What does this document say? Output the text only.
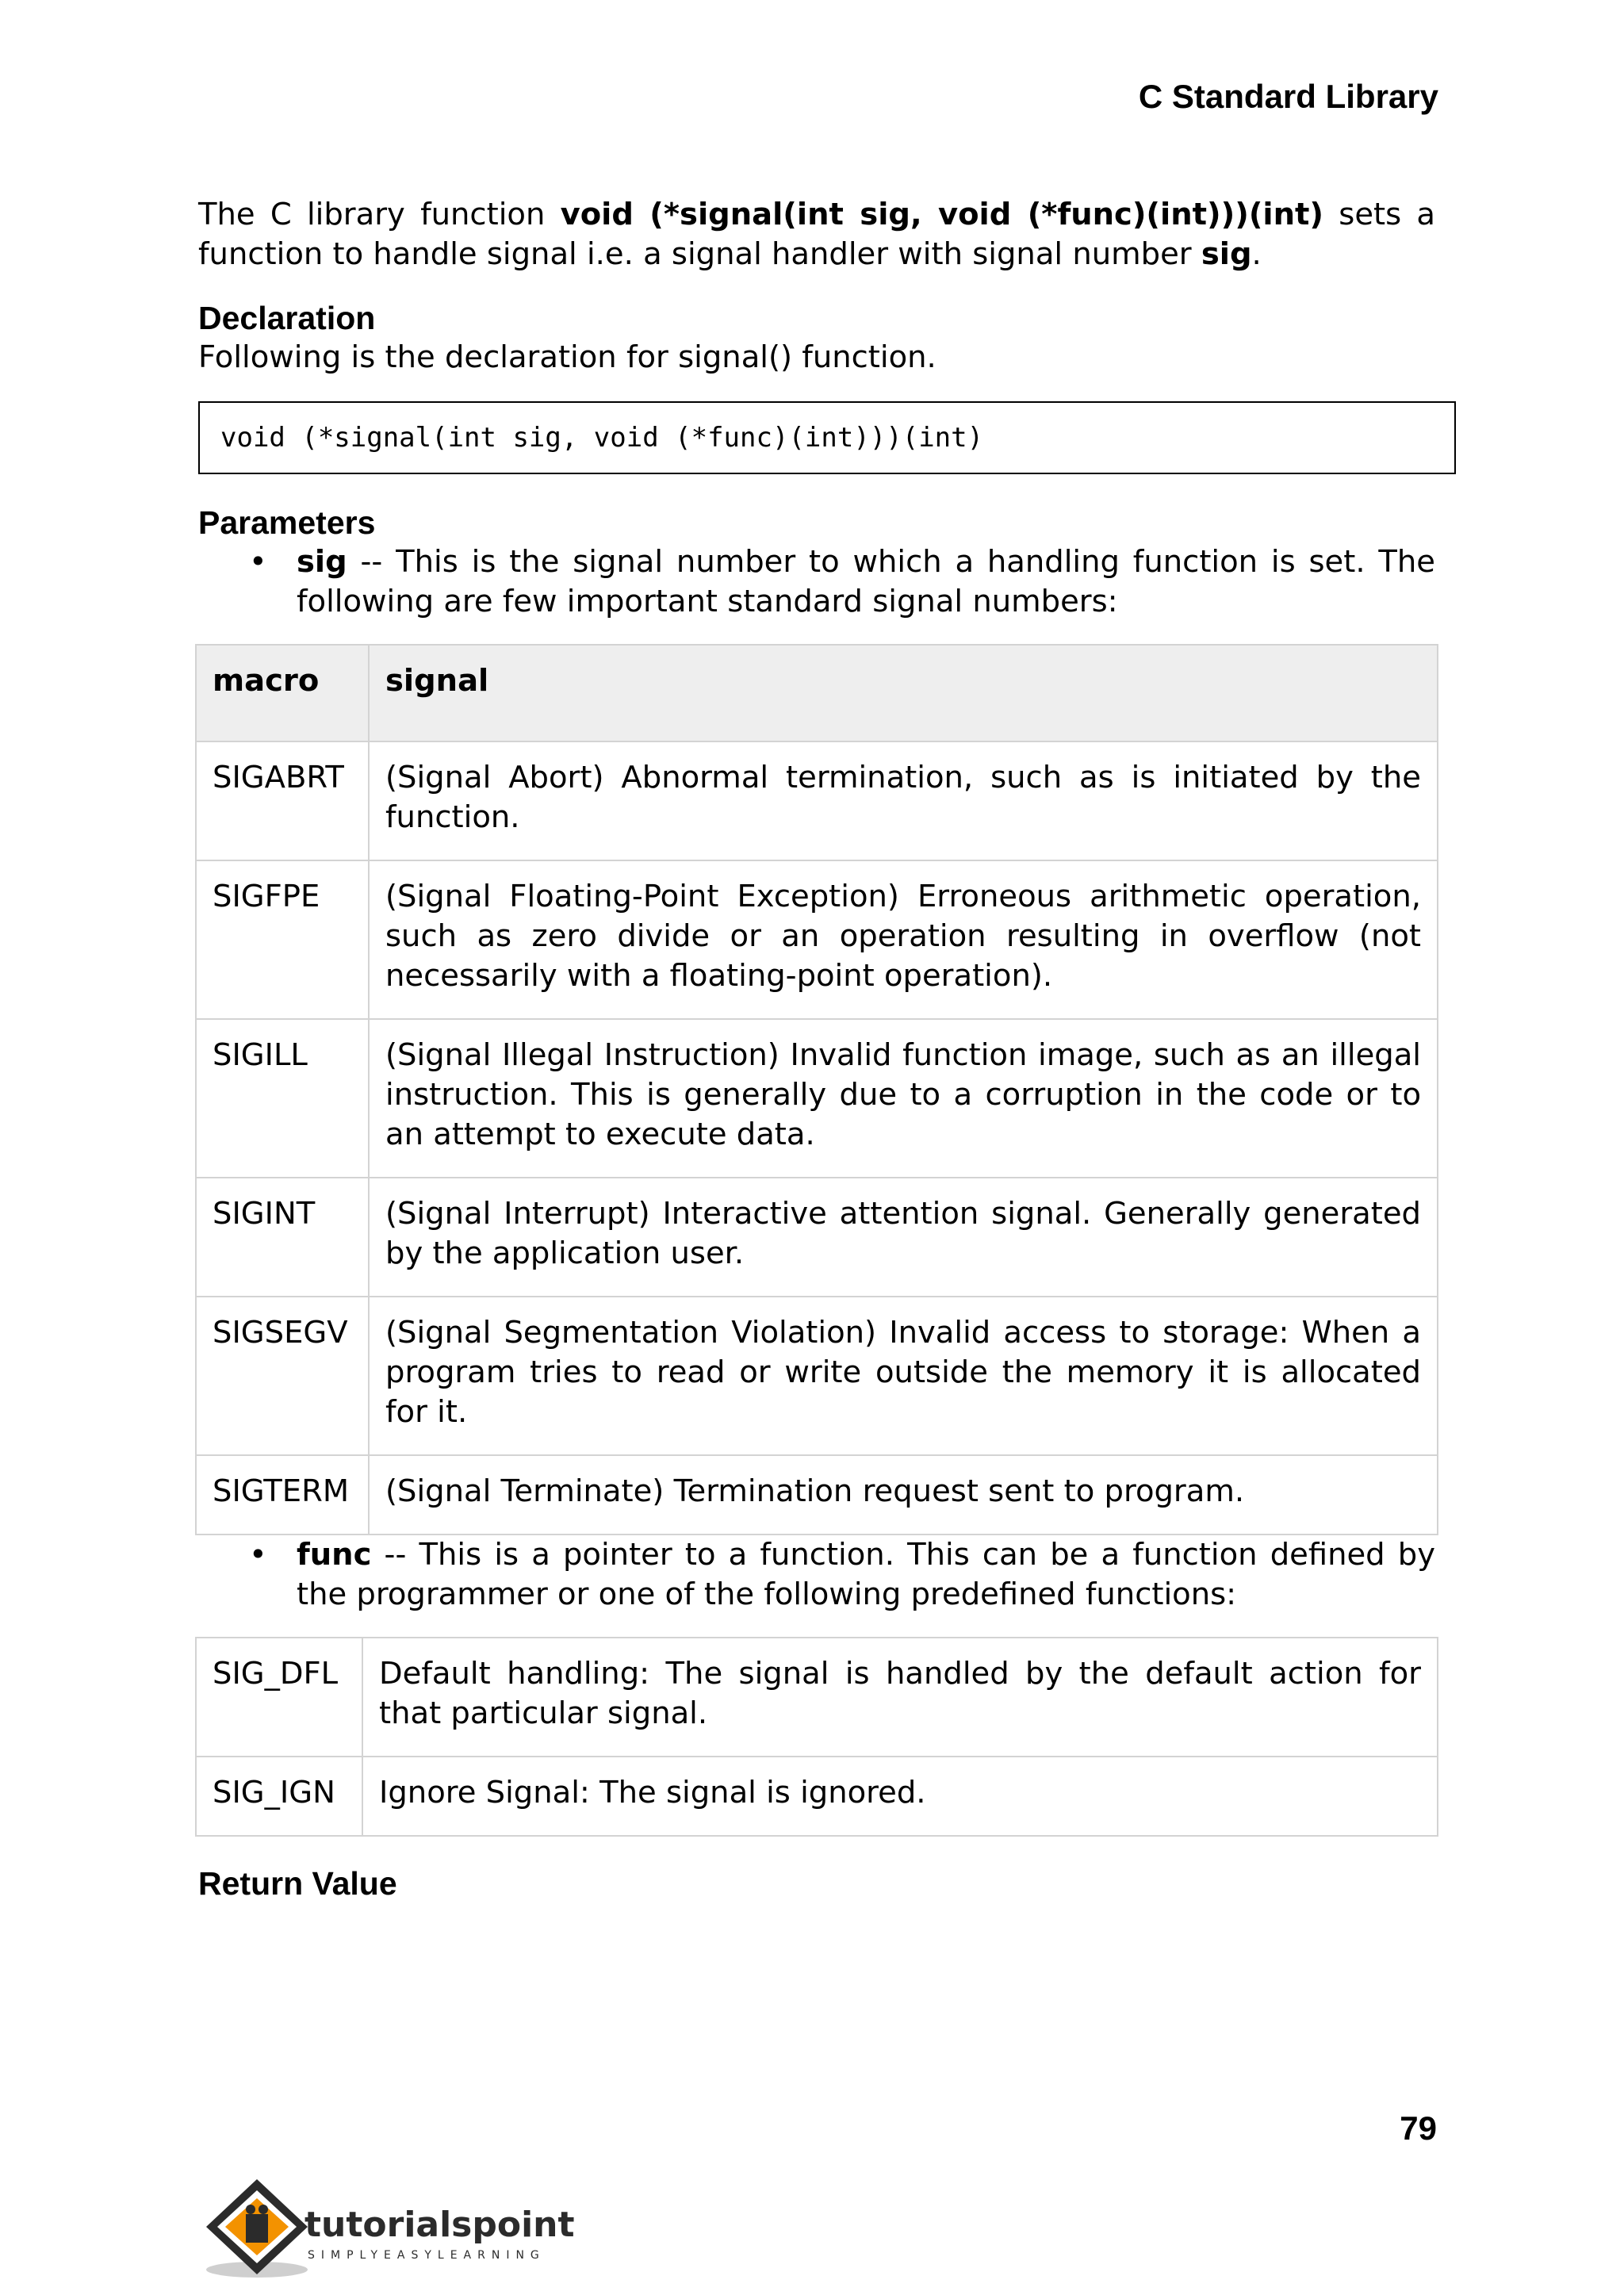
C Standard Library

The C library function void (*signal(int sig, void (*func)(int)))(int) sets a function to handle signal i.e. a signal handler with signal number sig.

Declaration

Following is the declaration for signal() function.

void (*signal(int sig, void (*func)(int)))(int)
Parameters
• sig -- This is the signal number to which a handling function is set. The following are few important standard signal numbers:
macro	signal
SIGABRT	(Signal Abort) Abnormal termination, such as is initiated by the function.
SIGFPE	(Signal Floating-Point Exception) Erroneous arithmetic operation, such as zero divide or an operation resulting in overflow (not necessarily with a floating-point operation).
SIGILL	(Signal Illegal Instruction) Invalid function image, such as an illegal instruction. This is generally due to a corruption in the code or to an attempt to execute data.
SIGINT	(Signal Interrupt) Interactive attention signal. Generally generated by the application user.
SIGSEGV	(Signal Segmentation Violation) Invalid access to storage: When a program tries to read or write outside the memory it is allocated for it.
SIGTERM	(Signal Terminate) Termination request sent to program.
• func -- This is a pointer to a function. This can be a function defined by the programmer or one of the following predefined functions:
SIG_DFL	Default handling: The signal is handled by the default action for that particular signal.
SIG_IGN	Ignore Signal: The signal is ignored.
Return Value
79
tutorialspoint
SIMPLYEASYLEARNING
